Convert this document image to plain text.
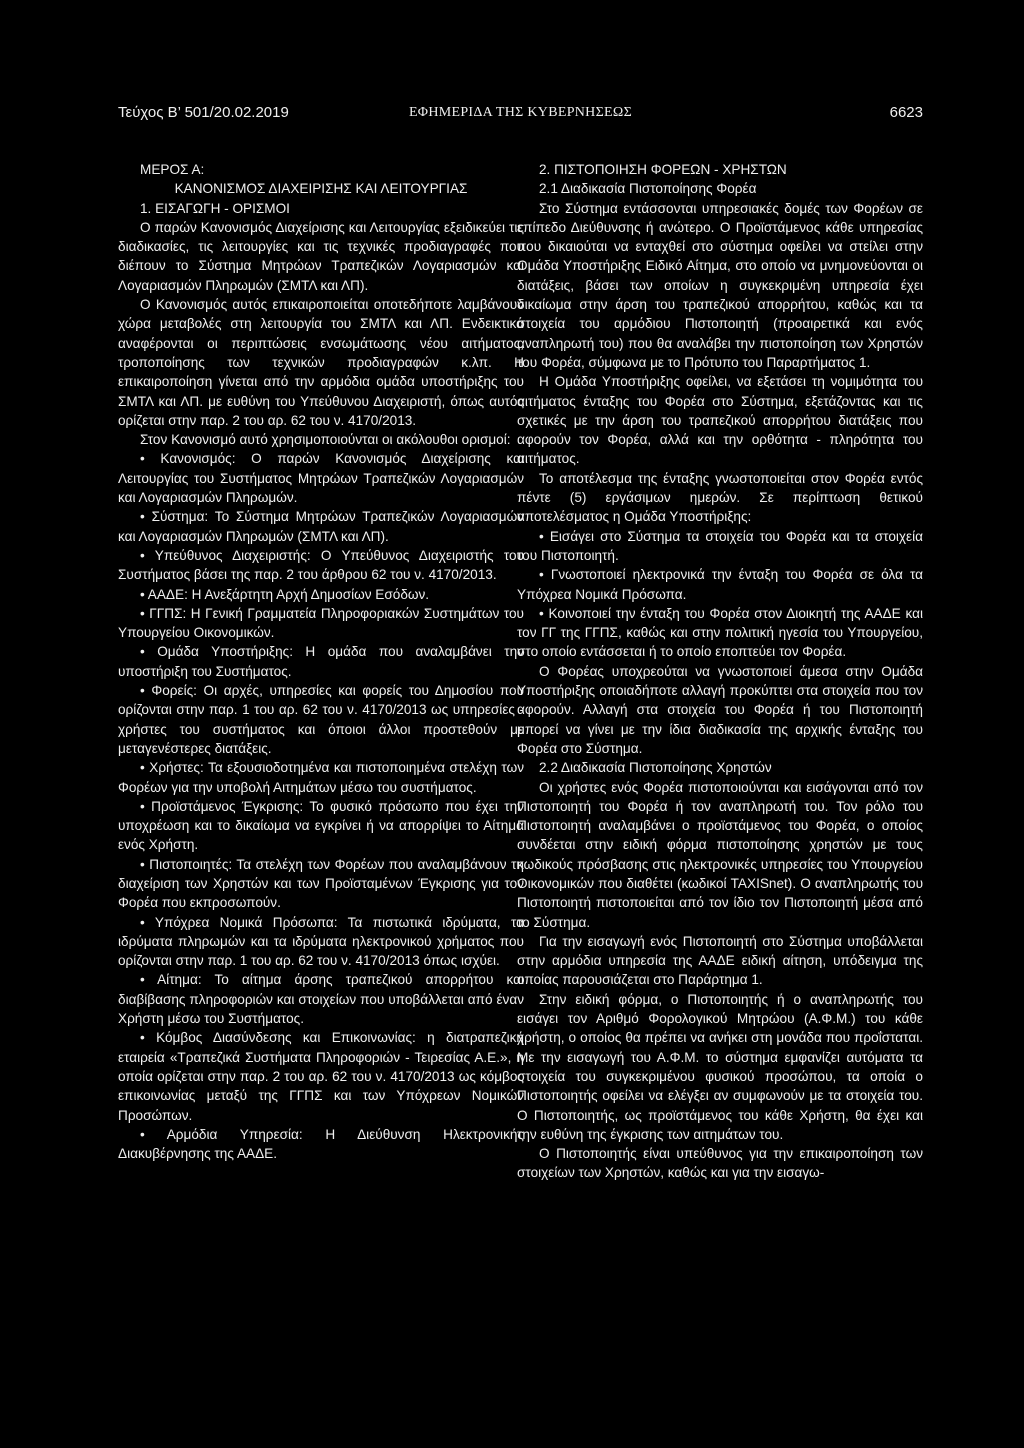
Τεύχος Β’ 501/20.02.2019	ΕΦΗΜΕΡΙΔΑ ΤΗΣ ΚΥΒΕΡΝΗΣΕΩΣ	6623

ΜΕΡΟΣ Α:

ΚΑΝΟΝΙΣΜΟΣ ΔΙΑΧΕΙΡΙΣΗΣ ΚΑΙ ΛΕΙΤΟΥΡΓΙΑΣ

1. ΕΙΣΑΓΩΓΗ - ΟΡΙΣΜΟΙ

Ο παρών Κανονισμός Διαχείρισης και Λειτουργίας εξειδικεύει τις διαδικασίες, τις λειτουργίες και τις τεχνικές προδιαγραφές που διέπουν το Σύστημα Μητρώων Τραπεζικών Λογαριασμών και Λογαριασμών Πληρωμών (ΣΜΤΛ και ΛΠ).

Ο Κανονισμός αυτός επικαιροποιείται οποτεδήποτε λαμβάνουν χώρα μεταβολές στη λειτουργία του ΣΜΤΛ και ΛΠ. Ενδεικτικά αναφέρονται οι περιπτώσεις ενσωμάτωσης νέου αιτήματος, τροποποίησης των τεχνικών προδιαγραφών κ.λπ. Η επικαιροποίηση γίνεται από την αρμόδια ομάδα υποστήριξης του ΣΜΤΛ και ΛΠ. με ευθύνη του Υπεύθυνου Διαχειριστή, όπως αυτός ορίζεται στην παρ. 2 του αρ. 62 του ν. 4170/2013.

Στον Κανονισμό αυτό χρησιμοποιούνται οι ακόλουθοι ορισμοί:

• Κανονισμός: Ο παρών Κανονισμός Διαχείρισης και Λειτουργίας του Συστήματος Μητρώων Τραπεζικών Λογαριασμών και Λογαριασμών Πληρωμών.

• Σύστημα: Το Σύστημα Μητρώων Τραπεζικών Λογαριασμών και Λογαριασμών Πληρωμών (ΣΜΤΛ και ΛΠ).

• Υπεύθυνος Διαχειριστής: Ο Υπεύθυνος Διαχειριστής του Συστήματος βάσει της παρ. 2 του άρθρου 62 του ν. 4170/2013.

• ΑΑΔΕ: Η Ανεξάρτητη Αρχή Δημοσίων Εσόδων.

• ΓΓΠΣ: Η Γενική Γραμματεία Πληροφοριακών Συστημάτων του Υπουργείου Οικονομικών.

• Ομάδα Υποστήριξης: Η ομάδα που αναλαμβάνει την υποστήριξη του Συστήματος.

• Φορείς: Οι αρχές, υπηρεσίες και φορείς του Δημοσίου που ορίζονται στην παρ. 1 του αρ. 62 του ν. 4170/2013 ως υπηρεσίες - χρήστες του συστήματος και όποιοι άλλοι προστεθούν με μεταγενέστερες διατάξεις.

• Χρήστες: Τα εξουσιοδοτημένα και πιστοποιημένα στελέχη των Φορέων για την υποβολή Αιτημάτων μέσω του συστήματος.

• Προϊστάμενος Έγκρισης: Το φυσικό πρόσωπο που έχει την υποχρέωση και το δικαίωμα να εγκρίνει ή να απορρίψει το Αίτημα ενός Χρήστη.

• Πιστοποιητές: Τα στελέχη των Φορέων που αναλαμβάνουν τη διαχείριση των Χρηστών και των Προϊσταμένων Έγκρισης για τον Φορέα που εκπροσωπούν.

• Υπόχρεα Νομικά Πρόσωπα: Τα πιστωτικά ιδρύματα, τα ιδρύματα πληρωμών και τα ιδρύματα ηλεκτρονικού χρήματος που ορίζονται στην παρ. 1 του αρ. 62 του ν. 4170/2013 όπως ισχύει.

• Αίτημα: Το αίτημα άρσης τραπεζικού απορρήτου και διαβίβασης πληροφοριών και στοιχείων που υποβάλλεται από έναν Χρήστη μέσω του Συστήματος.

• Κόμβος Διασύνδεσης και Επικοινωνίας: η διατραπεζική εταιρεία «Τραπεζικά Συστήματα Πληροφοριών - Τειρεσίας Α.Ε.», η οποία ορίζεται στην παρ. 2 του αρ. 62 του ν. 4170/2013 ως κόμβος επικοινωνίας μεταξύ της ΓΓΠΣ και των Υπόχρεων Νομικών Προσώπων.

• Αρμόδια Υπηρεσία: Η Διεύθυνση Ηλεκτρονικής Διακυβέρνησης της ΑΑΔΕ.

2. ΠΙΣΤΟΠΟΙΗΣΗ ΦΟΡΕΩΝ - ΧΡΗΣΤΩΝ

2.1 Διαδικασία Πιστοποίησης Φορέα

Στο Σύστημα εντάσσονται υπηρεσιακές δομές των Φορέων σε επίπεδο Διεύθυνσης ή ανώτερο. Ο Προϊστάμενος κάθε υπηρεσίας που δικαιούται να ενταχθεί στο σύστημα οφείλει να στείλει στην Ομάδα Υποστήριξης Ειδικό Αίτημα, στο οποίο να μνημονεύονται οι διατάξεις, βάσει των οποίων η συγκεκριμένη υπηρεσία έχει δικαίωμα στην άρση του τραπεζικού απορρήτου, καθώς και τα στοιχεία του αρμόδιου Πιστοποιητή (προαιρετικά και ενός αναπληρωτή του) που θα αναλάβει την πιστοποίηση των Χρηστών του Φορέα, σύμφωνα με το Πρότυπο του Παραρτήματος 1.

Η Ομάδα Υποστήριξης οφείλει, να εξετάσει τη νομιμότητα του αιτήματος ένταξης του Φορέα στο Σύστημα, εξετάζοντας και τις σχετικές με την άρση του τραπεζικού απορρήτου διατάξεις που αφορούν τον Φορέα, αλλά και την ορθότητα - πληρότητα του αιτήματος.

Το αποτέλεσμα της ένταξης γνωστοποιείται στον Φορέα εντός πέντε (5) εργάσιμων ημερών. Σε περίπτωση θετικού αποτελέσματος η Ομάδα Υποστήριξης:

• Εισάγει στο Σύστημα τα στοιχεία του Φορέα και τα στοιχεία του Πιστοποιητή.

• Γνωστοποιεί ηλεκτρονικά την ένταξη του Φορέα σε όλα τα Υπόχρεα Νομικά Πρόσωπα.

• Κοινοποιεί την ένταξη του Φορέα στον Διοικητή της ΑΑΔΕ και τον ΓΓ της ΓΓΠΣ, καθώς και στην πολιτική ηγεσία του Υπουργείου, στο οποίο εντάσσεται ή το οποίο εποπτεύει τον Φορέα.

Ο Φορέας υποχρεούται να γνωστοποιεί άμεσα στην Ομάδα Υποστήριξης οποιαδήποτε αλλαγή προκύπτει στα στοιχεία που τον αφορούν. Αλλαγή στα στοιχεία του Φορέα ή του Πιστοποιητή μπορεί να γίνει με την ίδια διαδικασία της αρχικής ένταξης του Φορέα στο Σύστημα.

2.2 Διαδικασία Πιστοποίησης Χρηστών

Οι χρήστες ενός Φορέα πιστοποιούνται και εισάγονται από τον Πιστοποιητή του Φορέα ή τον αναπληρωτή του. Τον ρόλο του Πιστοποιητή αναλαμβάνει ο προϊστάμενος του Φορέα, ο οποίος συνδέεται στην ειδική φόρμα πιστοποίησης χρηστών με τους κωδικούς πρόσβασης στις ηλεκτρονικές υπηρεσίες του Υπουργείου Οικονομικών που διαθέτει (κωδικοί TAXISnet). Ο αναπληρωτής του Πιστοποιητή πιστοποιείται από τον ίδιο τον Πιστοποιητή μέσα από το Σύστημα.

Για την εισαγωγή ενός Πιστοποιητή στο Σύστημα υποβάλλεται στην αρμόδια υπηρεσία της ΑΑΔΕ ειδική αίτηση, υπόδειγμα της οποίας παρουσιάζεται στο Παράρτημα 1.

Στην ειδική φόρμα, ο Πιστοποιητής ή ο αναπληρωτής του εισάγει τον Αριθμό Φορολογικού Μητρώου (Α.Φ.Μ.) του κάθε χρήστη, ο οποίος θα πρέπει να ανήκει στη μονάδα που προΐσταται. Με την εισαγωγή του Α.Φ.Μ. το σύστημα εμφανίζει αυτόματα τα στοιχεία του συγκεκριμένου φυσικού προσώπου, τα οποία ο Πιστοποιητής οφείλει να ελέγξει αν συμφωνούν με τα στοιχεία του. Ο Πιστοποιητής, ως προϊστάμενος του κάθε Χρήστη, θα έχει και την ευθύνη της έγκρισης των αιτημάτων του.

Ο Πιστοποιητής είναι υπεύθυνος για την επικαιροποίηση των στοιχείων των Χρηστών, καθώς και για την εισαγω-
